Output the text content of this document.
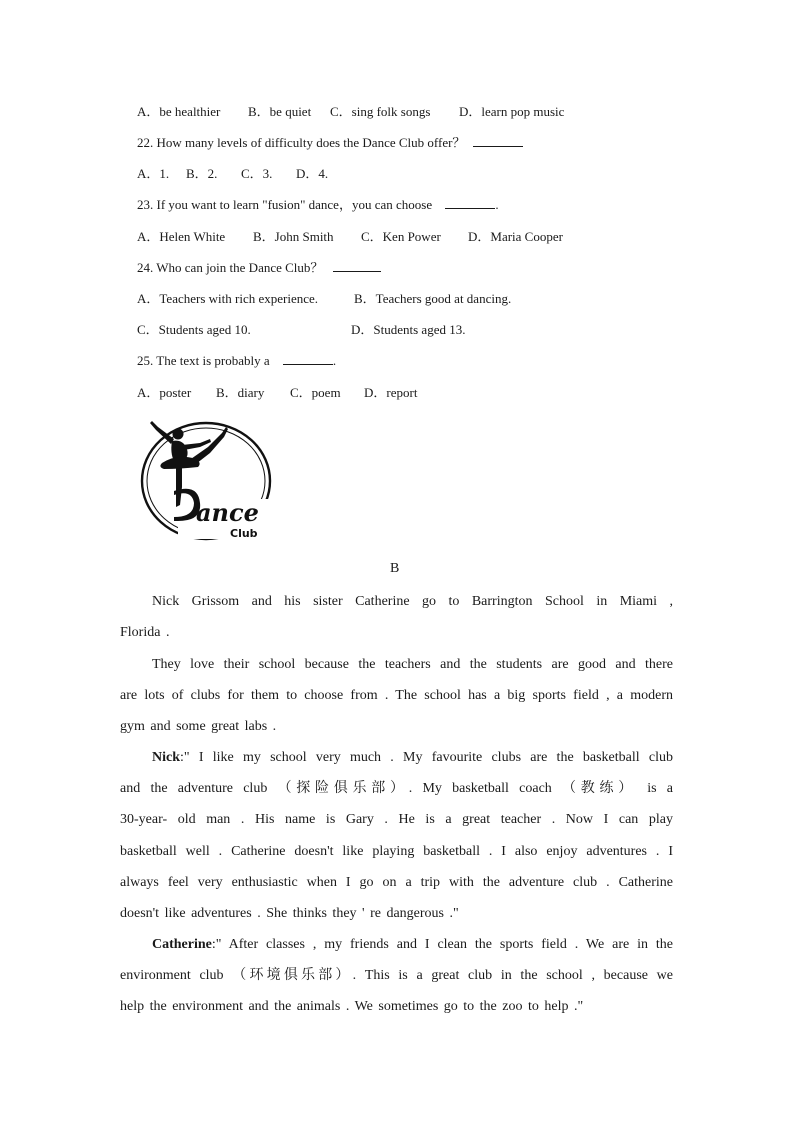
A．be healthier B．be quiet C．sing folk songs D．learn pop music
22. How many levels of difficulty does the Dance Club offer？
A．1. B．2. C．3. D．4.
23. If you want to learn "fusion" dance，you can choose	.
A．Helen White B．John Smith C．Ken Power D．Maria Cooper
24. Who can join the Dance Club？
A．Teachers with rich experience.	B．Teachers good at dancing.
C．Students aged 10.	D．Students aged 13.
25. The text is probably a	.
A．poster B．diary C．poem D．report
ance
Club
B
Nick Grissom and his sister Catherine go to Barrington School in Miami ,
Florida .
They love their school because the teachers and the students are good and there
are lots of clubs for them to choose from . The school has a big sports field , a modern
gym and some great labs .
Nick:" I like my school very much . My favourite clubs are the basketball club
and the adventure club （探险俱乐部）. My basketball coach （教练） is a
30-year- old man . His name is Gary . He is a great teacher . Now I can play
basketball well . Catherine doesn't like playing basketball . I also enjoy adventures . I
always feel very enthusiastic when I go on a trip with the adventure club . Catherine
doesn't like adventures . She thinks they ' re dangerous ."
Catherine:" After classes , my friends and I clean the sports field . We are in the
environment club （环境俱乐部）. This is a great club in the school , because we
help the environment and the animals . We sometimes go to the zoo to help ."
